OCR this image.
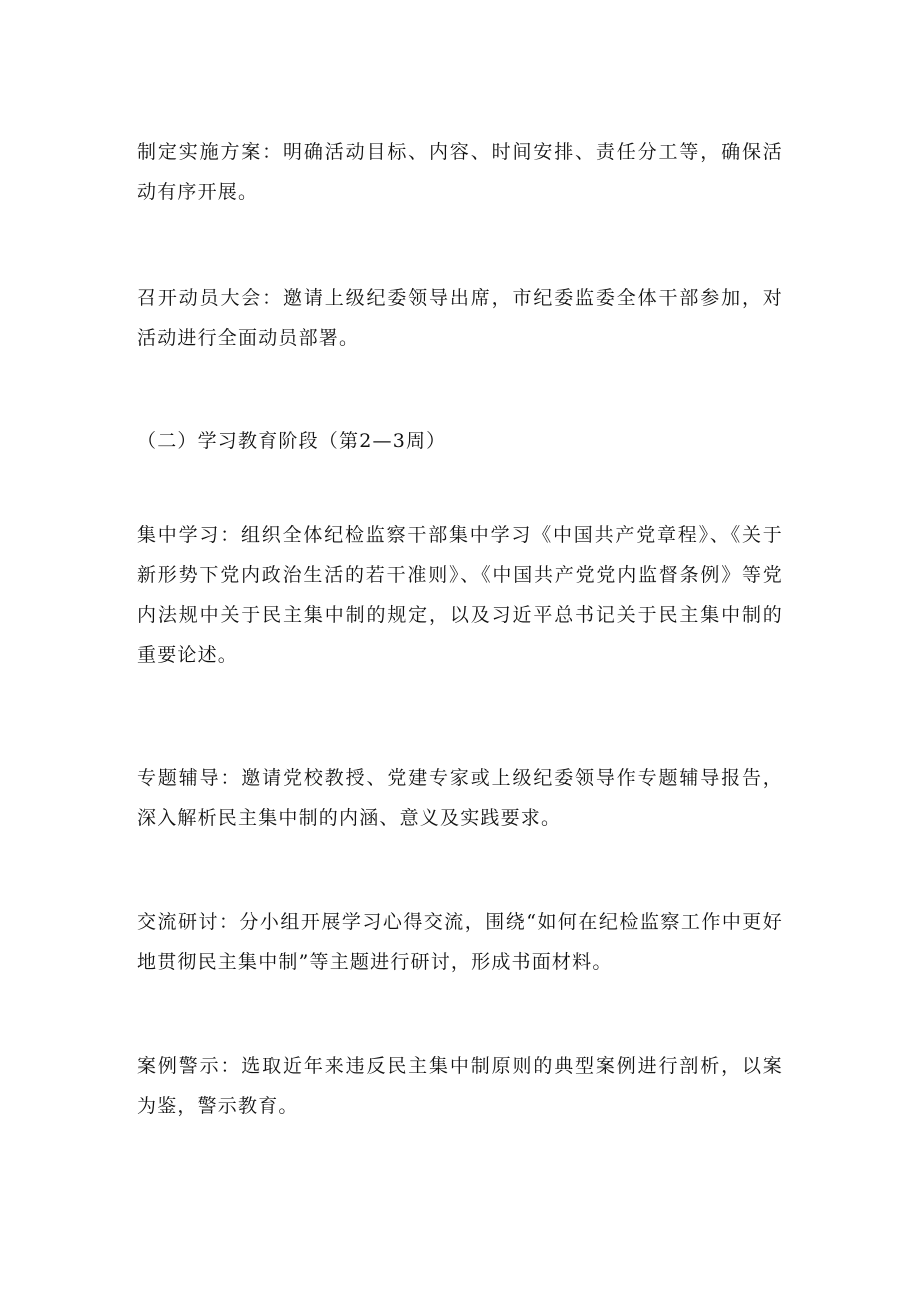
制定实施方案：明确活动目标、内容、时间安排、责任分工等，确保活动有序开展。

召开动员大会：邀请上级纪委领导出席，市纪委监委全体干部参加，对活动进行全面动员部署。

（二）学习教育阶段（第2—3周）

集中学习：组织全体纪检监察干部集中学习《中国共产党章程》、《关于新形势下党内政治生活的若干准则》、《中国共产党党内监督条例》等党内法规中关于民主集中制的规定，以及习近平总书记关于民主集中制的重要论述。

专题辅导：邀请党校教授、党建专家或上级纪委领导作专题辅导报告，深入解析民主集中制的内涵、意义及实践要求。

交流研讨：分小组开展学习心得交流，围绕“如何在纪检监察工作中更好地贯彻民主集中制”等主题进行研讨，形成书面材料。

案例警示：选取近年来违反民主集中制原则的典型案例进行剖析，以案为鉴，警示教育。
